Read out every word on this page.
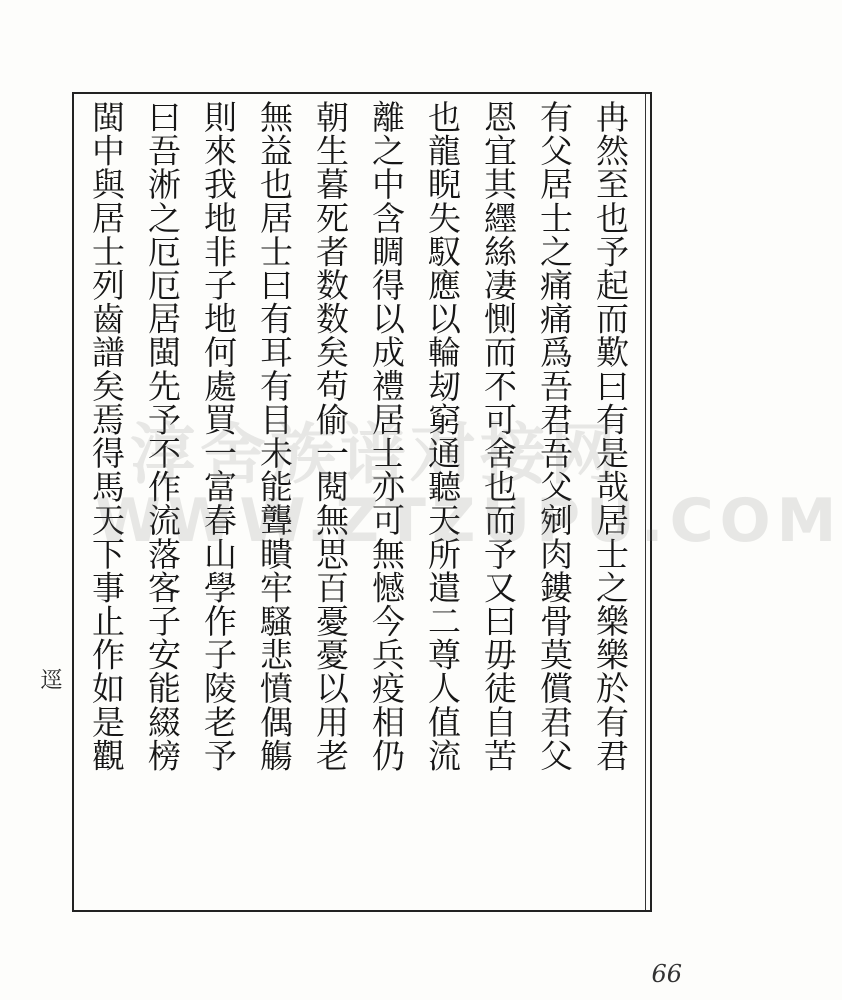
冉然至也予起而歎曰有是哉居士之樂樂於有君
有父居士之痛痛爲吾君吾父剜肉鏤骨莫償君父
恩宜其纆絲凄惻而不可舍也而予又曰毋徒自苦
也龍睨失馭應以輪刼窮通聽天所遣二尊人值流
離之中含睭得以成禮居士亦可無憾今兵疫相仍
朝生暮死者数数矣苟偷一閱無思百憂憂以用老
無益也居士曰有耳有目未能聾瞶牢騷悲憤偶觴
則來我地非子地何處買一富春山學作子陵老予
曰吾淅之厄厄居閩先予不作流落客子安能綴榜
閩中與居士列齒譜矣焉得馬天下事止作如是觀 淳舍族谱对接网
WWW.ZTZUPU.COM
逕
66
